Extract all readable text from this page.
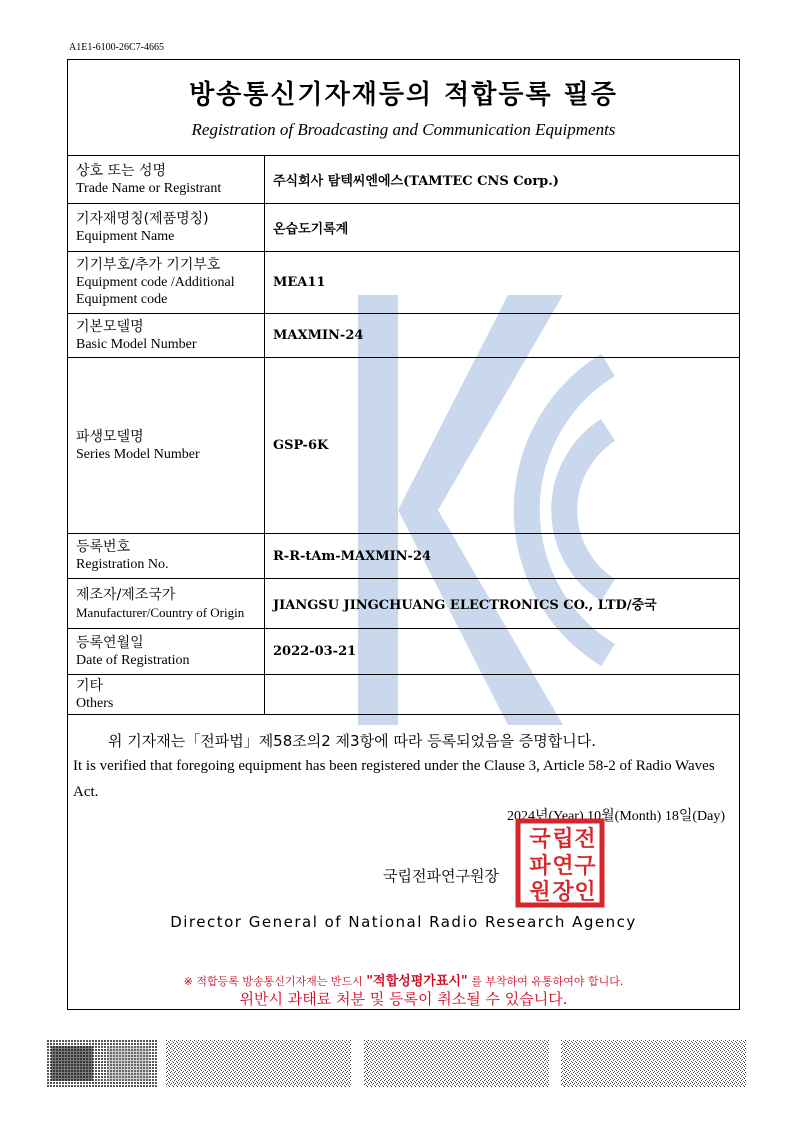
A1E1-6100-26C7-4665
방송통신기자재등의 적합등록 필증
Registration of Broadcasting and Communication Equipments
상호 또는 성명
Trade Name or Registrant	주식회사 탐텍씨엔에스(TAMTEC CNS Corp.)

기자재명칭(제품명칭)
Equipment Name	온습도기록계

기기부호/추가 기기부호
Equipment code /Additional Equipment code	MEA11

기본모델명
Basic Model Number	MAXMIN-24

파생모델명
Series Model Number	GSP-6K

등록번호
Registration No.	R-R-tAm-MAXMIN-24

제조자/제조국가
Manufacturer/Country of Origin	JIANGSU JINGCHUANG ELECTRONICS CO., LTD/중국

등록연월일
Date of Registration	2022-03-21

기타
Others	

위 기자재는「전파법」제58조의2 제3항에 따라 등록되었음을 증명합니다.
It is verified that foregoing equipment has been registered under the Clause 3, Article 58-2 of Radio Waves Act.
2024년(Year) 10월(Month) 18일(Day)
국 립 전
파 연 구
원 장 인
국립전파연구원장
Director General of National Radio Research Agency
※ 적합등록 방송통신기자재는 반드시 "적합성평가표시" 를 부착하여 유통하여야 합니다.
위반시 과태료 처분 및 등록이 취소될 수 있습니다.
